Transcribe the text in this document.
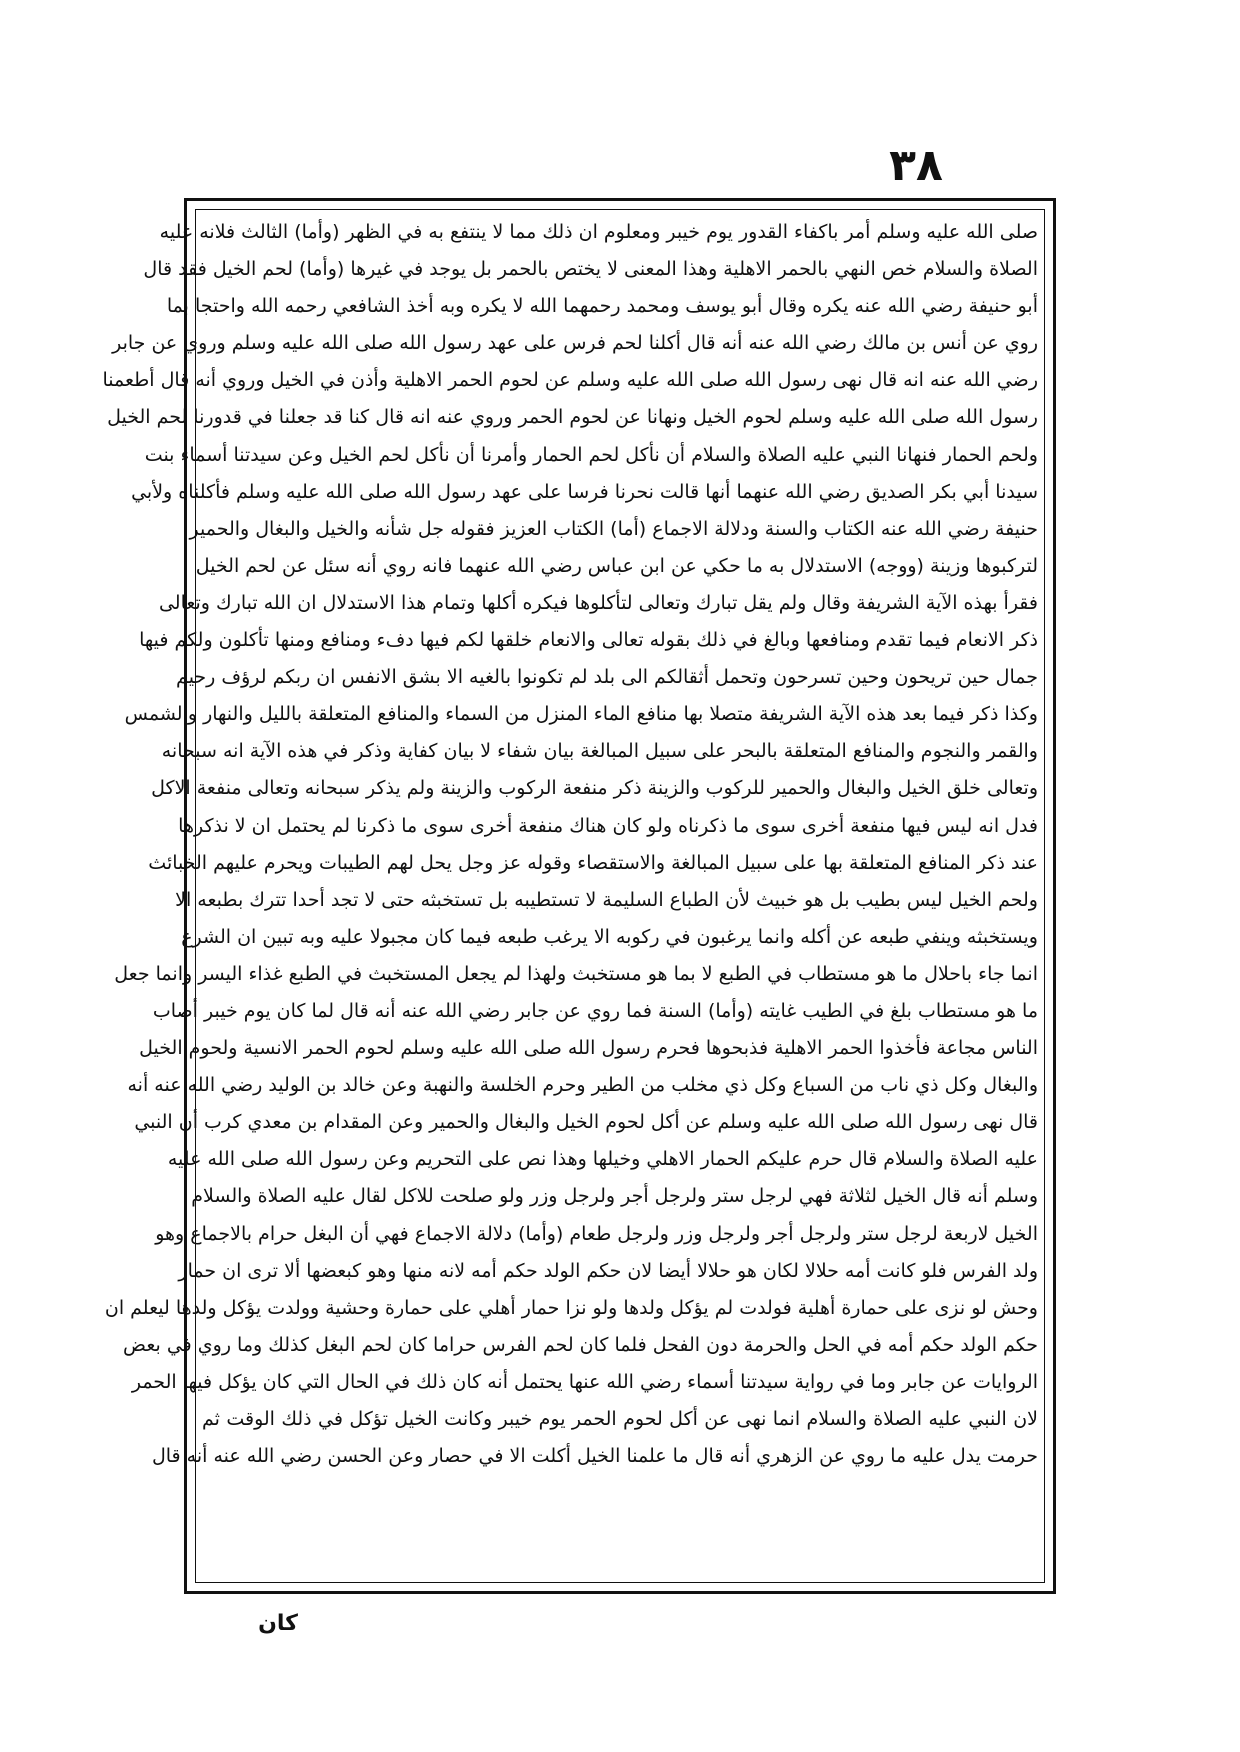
۳۸
صلى الله عليه وسلم أمر باكفاء القدور يوم خيبر ومعلوم ان ذلك مما لا ينتفع به في الظهر (وأما) الثالث فلانه عليه
الصلاة والسلام خص النهي بالحمر الاهلية وهذا المعنى لا يختص بالحمر بل يوجد في غيرها (وأما) لحم الخيل فقد قال
أبو حنيفة رضي الله عنه يكره وقال أبو يوسف ومحمد رحمهما الله لا يكره وبه أخذ الشافعي رحمه الله واحتجا بما
روي عن أنس بن مالك رضي الله عنه أنه قال أكلنا لحم فرس على عهد رسول الله صلى الله عليه وسلم وروي عن جابر
رضي الله عنه انه قال نهى رسول الله صلى الله عليه وسلم عن لحوم الحمر الاهلية وأذن في الخيل وروي أنه قال أطعمنا
رسول الله صلى الله عليه وسلم لحوم الخيل ونهانا عن لحوم الحمر وروي عنه انه قال كنا قد جعلنا في قدورنا لحم الخيل
ولحم الحمار فنهانا النبي عليه الصلاة والسلام أن نأكل لحم الحمار وأمرنا أن نأكل لحم الخيل وعن سيدتنا أسماء بنت
سيدنا أبي بكر الصديق رضي الله عنهما أنها قالت نحرنا فرسا على عهد رسول الله صلى الله عليه وسلم فأكلناه ولأبي
حنيفة رضي الله عنه الكتاب والسنة ودلالة الاجماع (أما) الكتاب العزيز فقوله جل شأنه والخيل والبغال والحمير
لتركبوها وزينة (ووجه) الاستدلال به ما حكي عن ابن عباس رضي الله عنهما فانه روي أنه سئل عن لحم الخيل
فقرأ بهذه الآية الشريفة وقال ولم يقل تبارك وتعالى لتأكلوها فيكره أكلها وتمام هذا الاستدلال ان الله تبارك وتعالى
ذكر الانعام فيما تقدم ومنافعها وبالغ في ذلك بقوله تعالى والانعام خلقها لكم فيها دفء ومنافع ومنها تأكلون ولكم فيها
جمال حين تريحون وحين تسرحون وتحمل أثقالكم الى بلد لم تكونوا بالغيه الا بشق الانفس ان ربكم لرؤف رحيم
وكذا ذكر فيما بعد هذه الآية الشريفة متصلا بها منافع الماء المنزل من السماء والمنافع المتعلقة بالليل والنهار والشمس
والقمر والنجوم والمنافع المتعلقة بالبحر على سبيل المبالغة بيان شفاء لا بيان كفاية وذكر في هذه الآية انه سبحانه
وتعالى خلق الخيل والبغال والحمير للركوب والزينة ذكر منفعة الركوب والزينة ولم يذكر سبحانه وتعالى منفعة الاكل
فدل انه ليس فيها منفعة أخرى سوى ما ذكرناه ولو كان هناك منفعة أخرى سوى ما ذكرنا لم يحتمل ان لا نذكرها
عند ذكر المنافع المتعلقة بها على سبيل المبالغة والاستقصاء وقوله عز وجل يحل لهم الطيبات ويحرم عليهم الخبائث
ولحم الخيل ليس بطيب بل هو خبيث لأن الطباع السليمة لا تستطيبه بل تستخبثه حتى لا تجد أحدا تترك بطبعه الا
ويستخبثه وينفي طبعه عن أكله وانما يرغبون في ركوبه الا يرغب طبعه فيما كان مجبولا عليه وبه تبين ان الشرع
انما جاء باحلال ما هو مستطاب في الطبع لا بما هو مستخبث ولهذا لم يجعل المستخبث في الطبع غذاء اليسر وانما جعل
ما هو مستطاب بلغ في الطيب غايته (وأما) السنة فما روي عن جابر رضي الله عنه أنه قال لما كان يوم خيبر أصاب
الناس مجاعة فأخذوا الحمر الاهلية فذبحوها فحرم رسول الله صلى الله عليه وسلم لحوم الحمر الانسية ولحوم الخيل
والبغال وكل ذي ناب من السباع وكل ذي مخلب من الطير وحرم الخلسة والنهبة وعن خالد بن الوليد رضي الله عنه أنه
قال نهى رسول الله صلى الله عليه وسلم عن أكل لحوم الخيل والبغال والحمير وعن المقدام بن معدي كرب أن النبي
عليه الصلاة والسلام قال حرم عليكم الحمار الاهلي وخيلها وهذا نص على التحريم وعن رسول الله صلى الله عليه
وسلم أنه قال الخيل لثلاثة فهي لرجل ستر ولرجل أجر ولرجل وزر ولو صلحت للاكل لقال عليه الصلاة والسلام
الخيل لاربعة لرجل ستر ولرجل أجر ولرجل وزر ولرجل طعام (وأما) دلالة الاجماع فهي أن البغل حرام بالاجماع وهو
ولد الفرس فلو كانت أمه حلالا لكان هو حلالا أيضا لان حكم الولد حكم أمه لانه منها وهو كبعضها ألا ترى ان حمار
وحش لو نزى على حمارة أهلية فولدت لم يؤكل ولدها ولو نزا حمار أهلي على حمارة وحشية وولدت يؤكل ولدها ليعلم ان
حكم الولد حكم أمه في الحل والحرمة دون الفحل فلما كان لحم الفرس حراما كان لحم البغل كذلك وما روي في بعض
الروايات عن جابر وما في رواية سيدتنا أسماء رضي الله عنها يحتمل أنه كان ذلك في الحال التي كان يؤكل فيها الحمر
لان النبي عليه الصلاة والسلام انما نهى عن أكل لحوم الحمر يوم خيبر وكانت الخيل تؤكل في ذلك الوقت ثم
حرمت يدل عليه ما روي عن الزهري أنه قال ما علمنا الخيل أكلت الا في حصار وعن الحسن رضي الله عنه أنه قال
كان
